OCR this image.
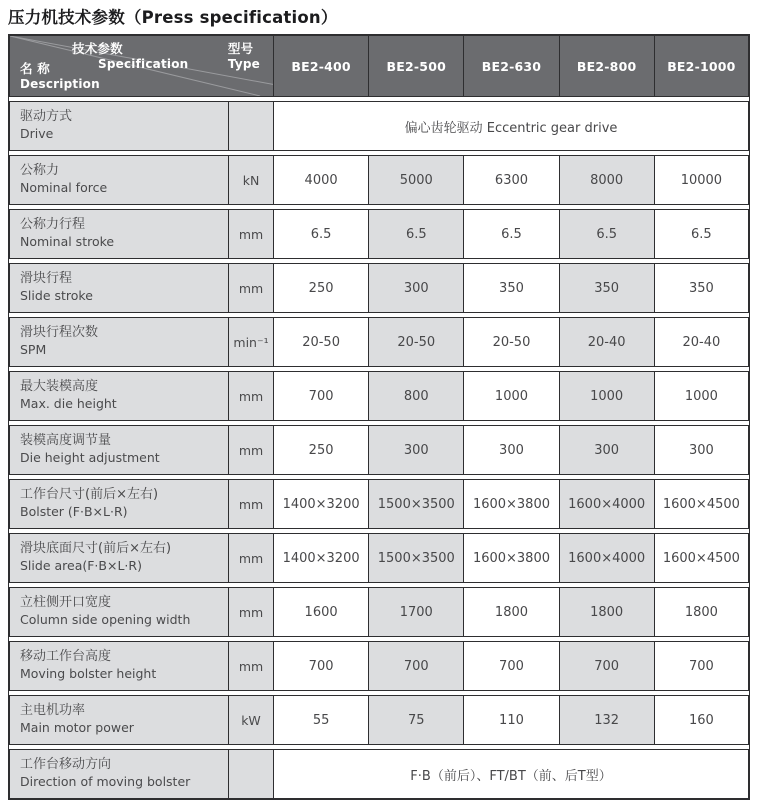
压力机技术参数（Press specification）
技术参数
Specification
型号
Type
名 称
Description
	BE2-400	BE2-500	BE2-630	BE2-800	BE2-1000

驱动方式
Drive		偏心齿轮驱动 Eccentric gear drive				

公称力
Nominal force	kN	4000	5000	6300	8000	10000

公称力行程
Nominal stroke	mm	6.5	6.5	6.5	6.5	6.5

滑块行程
Slide stroke	mm	250	300	350	350	350

滑块行程次数
SPM	min⁻¹	20-50	20-50	20-50	20-40	20-40

最大装模高度
Max. die height	mm	700	800	1000	1000	1000

装模高度调节量
Die height adjustment	mm	250	300	300	300	300

工作台尺寸(前后×左右)
Bolster (F·B×L·R)	mm	1400×3200	1500×3500	1600×3800	1600×4000	1600×4500

滑块底面尺寸(前后×左右)
Slide area(F·B×L·R)	mm	1400×3200	1500×3500	1600×3800	1600×4000	1600×4500

立柱侧开口宽度
Column side opening width	mm	1600	1700	1800	1800	1800

移动工作台高度
Moving bolster height	mm	700	700	700	700	700

主电机功率
Main motor power	kW	55	75	110	132	160

工作台移动方向
Direction of moving bolster		F·B（前后）、FT/BT（前、后T型）				
